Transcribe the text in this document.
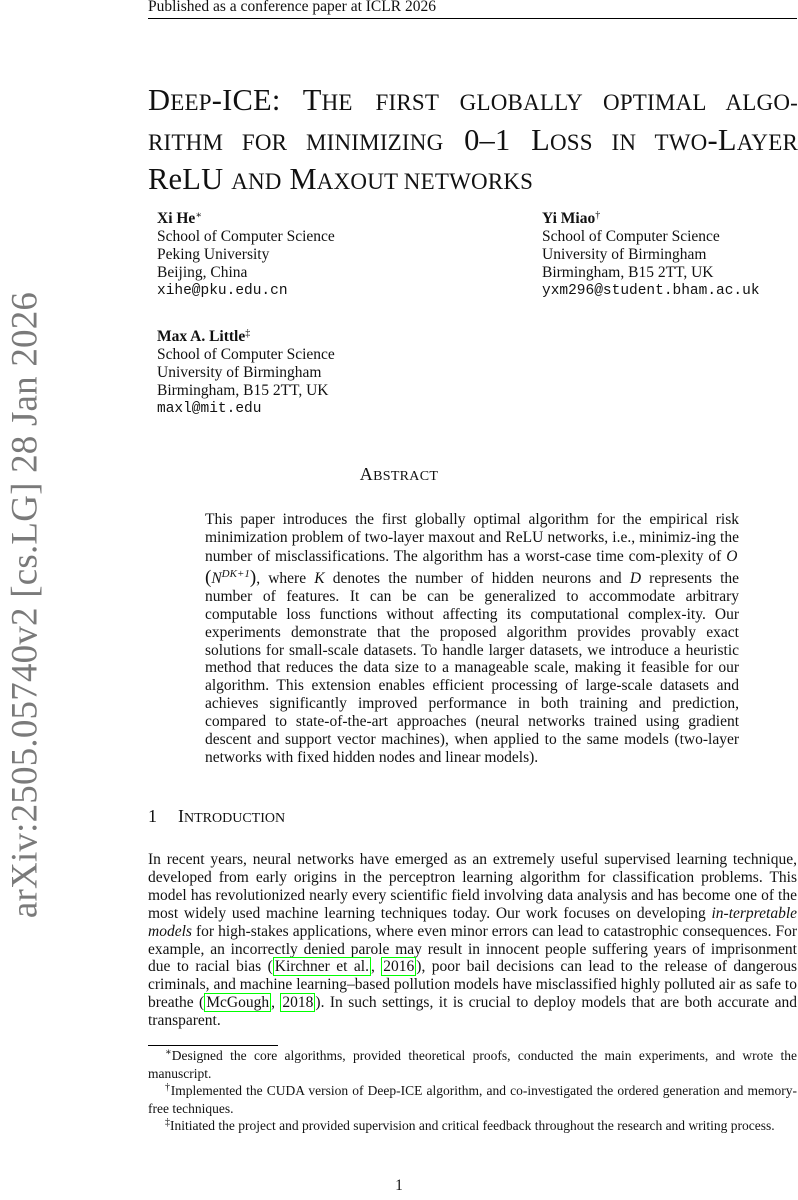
Published as a conference paper at ICLR 2026
arXiv:2505.05740v2 [cs.LG] 28 Jan 2026
DEEP-ICE: THE FIRST GLOBALLY OPTIMAL ALGO- RITHM FOR MINIMIZING 0–1 LOSS IN TWO-LAYER ReLU AND MAXOUT NETWORKS
Xi He∗
School of Computer Science
Peking University
Beijing, China
xihe@pku.edu.cn
Yi Miao†
School of Computer Science
University of Birmingham
Birmingham, B15 2TT, UK
yxm296@student.bham.ac.uk
Max A. Little‡
School of Computer Science
University of Birmingham
Birmingham, B15 2TT, UK
maxl@mit.edu
ABSTRACT
This paper introduces the first globally optimal algorithm for the empirical risk minimization problem of two-layer maxout and ReLU networks, i.e., minimiz-ing the number of misclassifications. The algorithm has a worst-case time com-plexity of O $(N^{DK+1})$, where K denotes the number of hidden neurons and D represents the number of features. It can be can be generalized to accommodate arbitrary computable loss functions without affecting its computational complex-ity. Our experiments demonstrate that the proposed algorithm provides provably exact solutions for small-scale datasets. To handle larger datasets, we introduce a heuristic method that reduces the data size to a manageable scale, making it feasible for our algorithm. This extension enables efficient processing of large-scale datasets and achieves significantly improved performance in both training and prediction, compared to state-of-the-art approaches (neural networks trained using gradient descent and support vector machines), when applied to the same models (two-layer networks with fixed hidden nodes and linear models).
1 INTRODUCTION
In recent years, neural networks have emerged as an extremely useful supervised learning technique, developed from early origins in the perceptron learning algorithm for classification problems. This model has revolutionized nearly every scientific field involving data analysis and has become one of the most widely used machine learning techniques today. Our work focuses on developing in-terpretable models for high-stakes applications, where even minor errors can lead to catastrophic consequences. For example, an incorrectly denied parole may result in innocent people suffering years of imprisonment due to racial bias ( Kirchner et al. , 2016 ), poor bail decisions can lead to the release of dangerous criminals, and machine learning–based pollution models have misclassified highly polluted air as safe to breathe ( McGough , 2018 ). In such settings, it is crucial to deploy models that are both accurate and transparent.

∗Designed the core algorithms, provided theoretical proofs, conducted the main experiments, and wrote the manuscript.

†Implemented the CUDA version of Deep-ICE algorithm, and co-investigated the ordered generation and memory-free techniques.

‡Initiated the project and provided supervision and critical feedback throughout the research and writing process.

1
